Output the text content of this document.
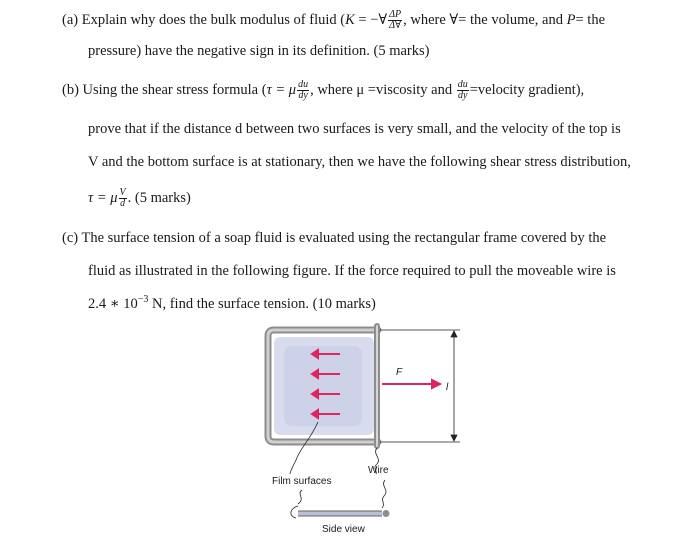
(a) Explain why does the bulk modulus of fluid (K = −∀ $\frac{\Delta P}{\Delta\forall}$ , where ∀= the volume, and P= the
pressure) have the negative sign in its definition. (5 marks)
(b) Using the shear stress formula (τ = μ $\frac{du}{dy}$ , where μ =viscosity and $\frac{du}{dy}$ =velocity gradient),
prove that if the distance d between two surfaces is very small, and the velocity of the top is
V and the bottom surface is at stationary, then we have the following shear stress distribution,
τ = μ $\frac{V}{d}$ . (5 marks)
(c) The surface tension of a soap fluid is evaluated using the rectangular frame covered by the
fluid as illustrated in the following figure. If the force required to pull the moveable wire is
2.4 ∗ $10^{-3}$ N, find the surface tension. (10 marks)
F
l
Wire
Film surfaces
Side view
